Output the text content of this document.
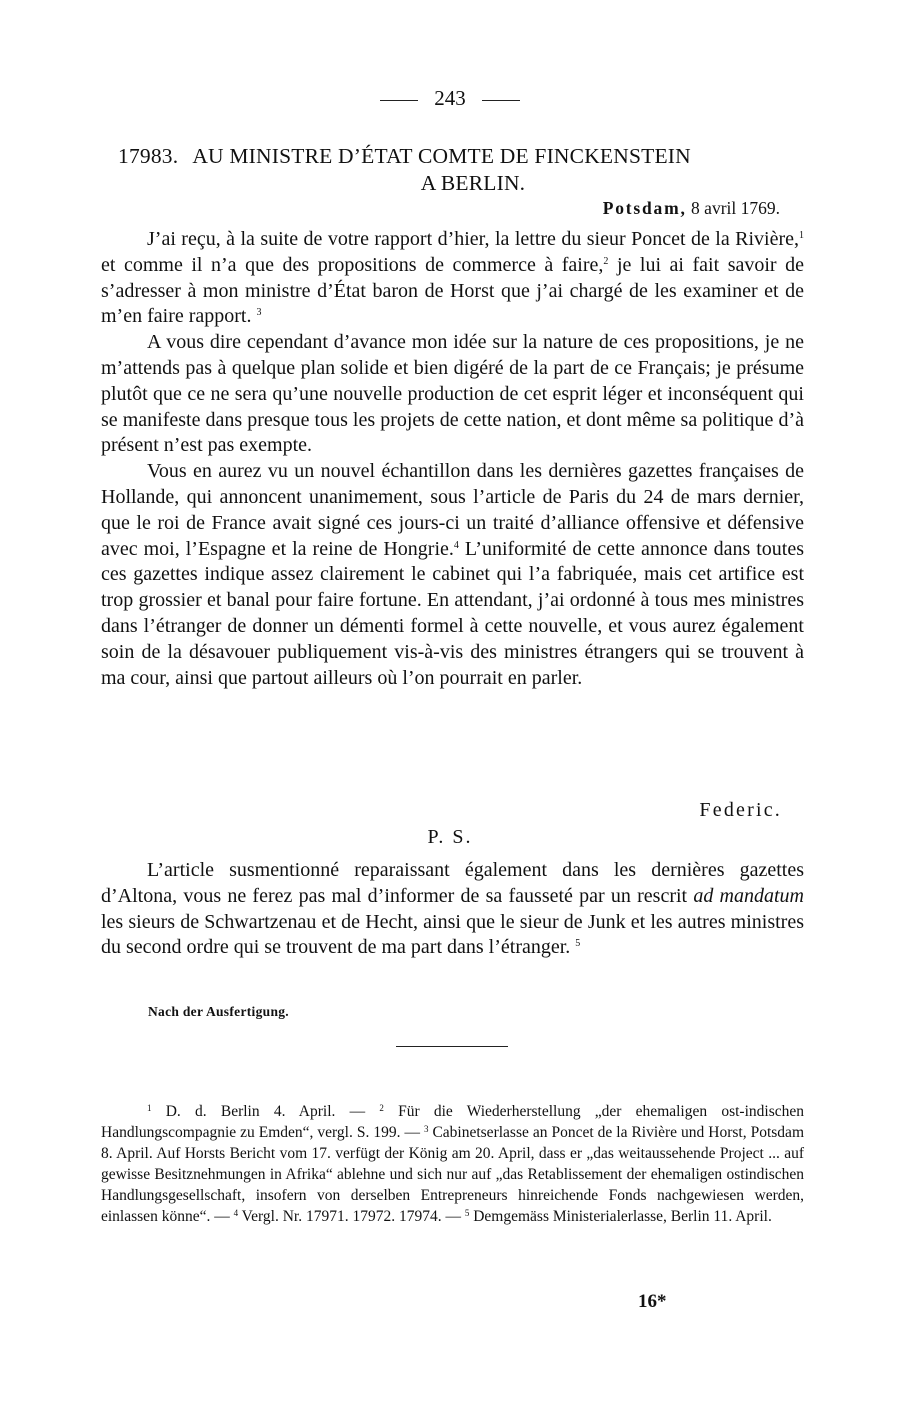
243
17983. AU MINISTRE D’ÉTAT COMTE DE FINCKENSTEIN
A BERLIN.
Potsdam, 8 avril 1769.

J’ai reçu, à la suite de votre rapport d’hier, la lettre du sieur Poncet de la Rivière,$^1$ et comme il n’a que des propositions de commerce à faire,$^2$ je lui ai fait savoir de s’adresser à mon ministre d’État baron de Horst que j’ai chargé de les examiner et de m’en faire rapport. $^3$

A vous dire cependant d’avance mon idée sur la nature de ces propositions, je ne m’attends pas à quelque plan solide et bien digéré de la part de ce Français; je présume plutôt que ce ne sera qu’une nouvelle production de cet esprit léger et inconséquent qui se manifeste dans presque tous les projets de cette nation, et dont même sa politique d’à présent n’est pas exempte.

Vous en aurez vu un nouvel échantillon dans les dernières gazettes françaises de Hollande, qui annoncent unanimement, sous l’article de Paris du 24 de mars dernier, que le roi de France avait signé ces jours-ci un traité d’alliance offensive et défensive avec moi, l’Espagne et la reine de Hongrie.$^4$ L’uniformité de cette annonce dans toutes ces gazettes indique assez clairement le cabinet qui l’a fabriquée, mais cet artifice est trop grossier et banal pour faire fortune. En attendant, j’ai ordonné à tous mes ministres dans l’étranger de donner un démenti formel à cette nouvelle, et vous aurez également soin de la désavouer publiquement vis-à-vis des ministres étrangers qui se trouvent à ma cour, ainsi que partout ailleurs où l’on pourrait en parler.

Federic.
P. S.

L’article susmentionné reparaissant également dans les dernières gazettes d’Altona, vous ne ferez pas mal d’informer de sa fausseté par un rescrit ad mandatum les sieurs de Schwartzenau et de Hecht, ainsi que le sieur de Junk et les autres ministres du second ordre qui se trouvent de ma part dans l’étranger. $^5$

Nach der Ausfertigung.

$^1$ D. d. Berlin 4. April. — $^2$ Für die Wiederherstellung „der ehemaligen ost-indischen Handlungscompagnie zu Emden“, vergl. S. 199. — $^3$ Cabinetserlasse an Poncet de la Rivière und Horst, Potsdam 8. April. Auf Horsts Bericht vom 17. verfügt der König am 20. April, dass er „das weitaussehende Project ... auf gewisse Besitznehmungen in Afrika“ ablehne und sich nur auf „das Retablissement der ehemaligen ostindischen Handlungsgesellschaft, insofern von derselben Entrepreneurs hinreichende Fonds nachgewiesen werden, einlassen könne“. — $^4$ Vergl. Nr. 17971. 17972. 17974. — $^5$ Demgemäss Ministerialerlasse, Berlin 11. April.

16*
